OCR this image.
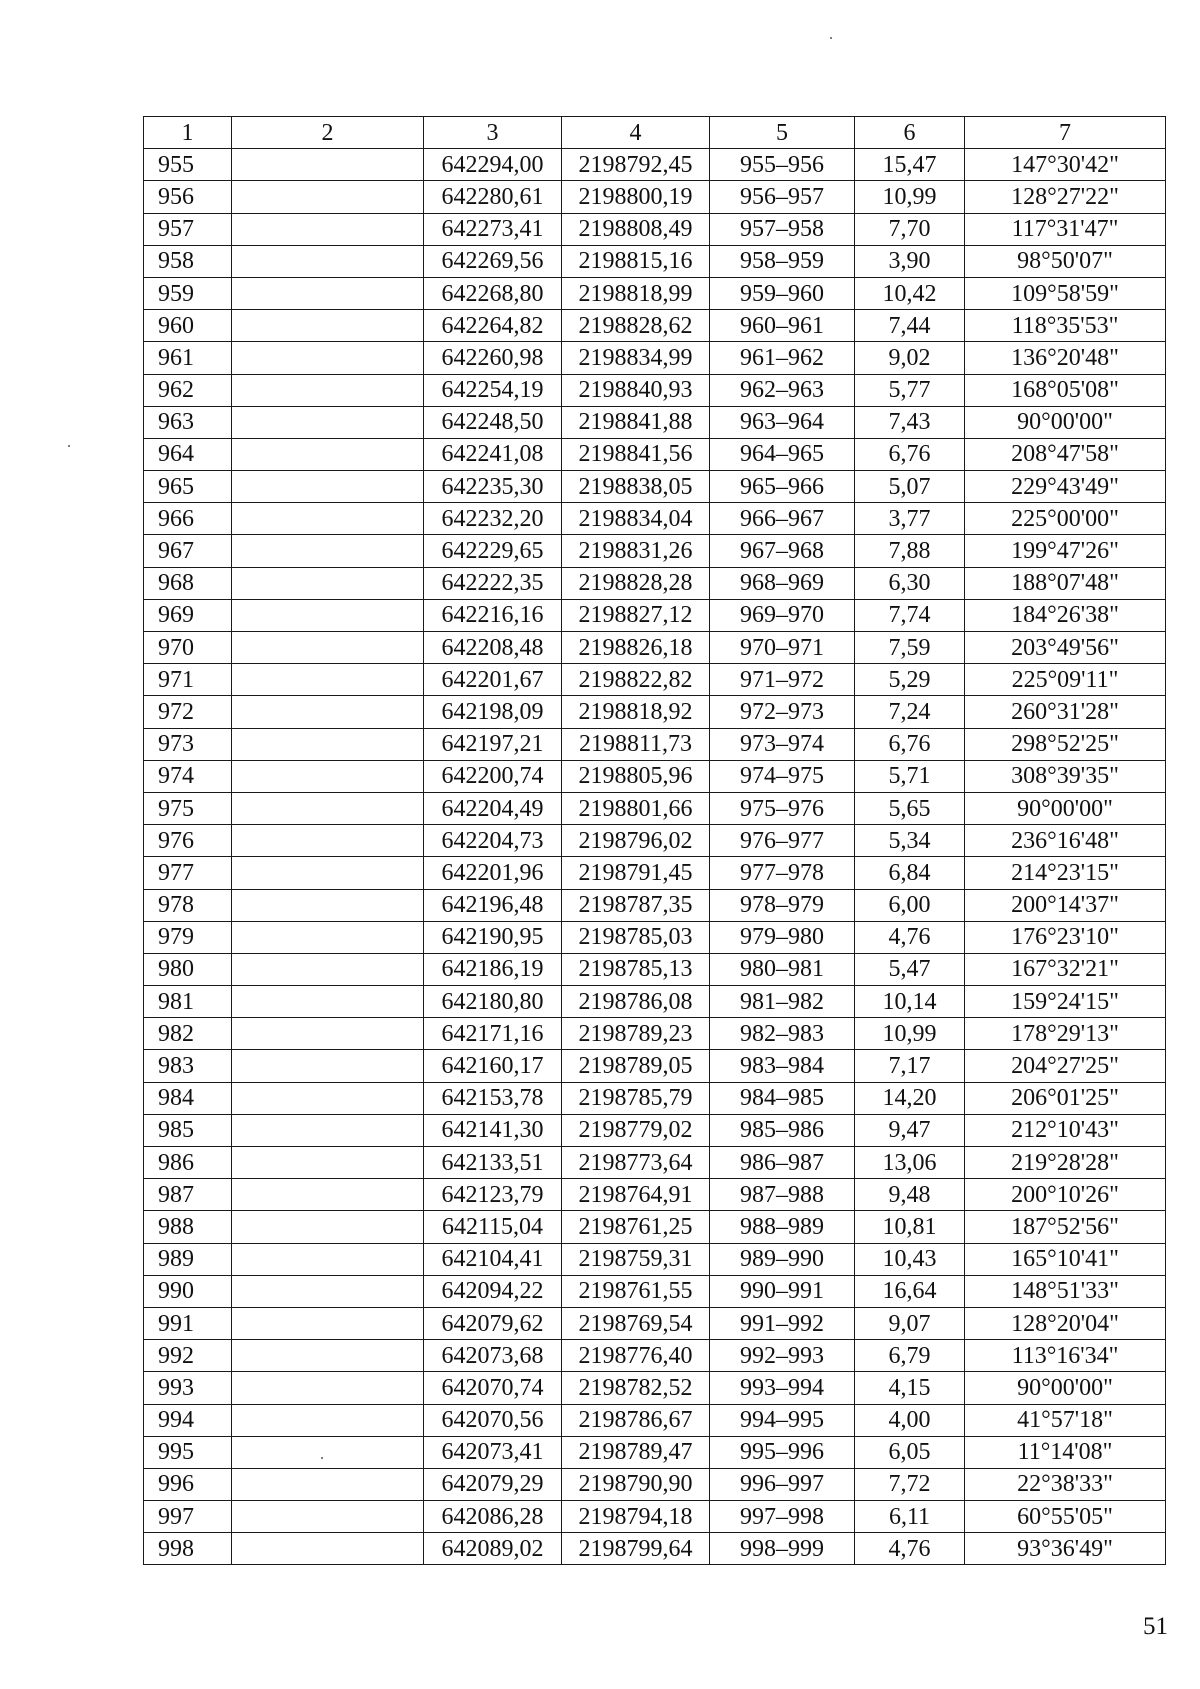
1	2	3	4	5	6	7
955		642294,00	2198792,45	955–956	15,47	147°30'42"
956		642280,61	2198800,19	956–957	10,99	128°27'22"
957		642273,41	2198808,49	957–958	7,70	117°31'47"
958		642269,56	2198815,16	958–959	3,90	98°50'07"
959		642268,80	2198818,99	959–960	10,42	109°58'59"
960		642264,82	2198828,62	960–961	7,44	118°35'53"
961		642260,98	2198834,99	961–962	9,02	136°20'48"
962		642254,19	2198840,93	962–963	5,77	168°05'08"
963		642248,50	2198841,88	963–964	7,43	90°00'00"
964		642241,08	2198841,56	964–965	6,76	208°47'58"
965		642235,30	2198838,05	965–966	5,07	229°43'49"
966		642232,20	2198834,04	966–967	3,77	225°00'00"
967		642229,65	2198831,26	967–968	7,88	199°47'26"
968		642222,35	2198828,28	968–969	6,30	188°07'48"
969		642216,16	2198827,12	969–970	7,74	184°26'38"
970		642208,48	2198826,18	970–971	7,59	203°49'56"
971		642201,67	2198822,82	971–972	5,29	225°09'11"
972		642198,09	2198818,92	972–973	7,24	260°31'28"
973		642197,21	2198811,73	973–974	6,76	298°52'25"
974		642200,74	2198805,96	974–975	5,71	308°39'35"
975		642204,49	2198801,66	975–976	5,65	90°00'00"
976		642204,73	2198796,02	976–977	5,34	236°16'48"
977		642201,96	2198791,45	977–978	6,84	214°23'15"
978		642196,48	2198787,35	978–979	6,00	200°14'37"
979		642190,95	2198785,03	979–980	4,76	176°23'10"
980		642186,19	2198785,13	980–981	5,47	167°32'21"
981		642180,80	2198786,08	981–982	10,14	159°24'15"
982		642171,16	2198789,23	982–983	10,99	178°29'13"
983		642160,17	2198789,05	983–984	7,17	204°27'25"
984		642153,78	2198785,79	984–985	14,20	206°01'25"
985		642141,30	2198779,02	985–986	9,47	212°10'43"
986		642133,51	2198773,64	986–987	13,06	219°28'28"
987		642123,79	2198764,91	987–988	9,48	200°10'26"
988		642115,04	2198761,25	988–989	10,81	187°52'56"
989		642104,41	2198759,31	989–990	10,43	165°10'41"
990		642094,22	2198761,55	990–991	16,64	148°51'33"
991		642079,62	2198769,54	991–992	9,07	128°20'04"
992		642073,68	2198776,40	992–993	6,79	113°16'34"
993		642070,74	2198782,52	993–994	4,15	90°00'00"
994		642070,56	2198786,67	994–995	4,00	41°57'18"
995		642073,41	2198789,47	995–996	6,05	11°14'08"
996		642079,29	2198790,90	996–997	7,72	22°38'33"
997		642086,28	2198794,18	997–998	6,11	60°55'05"
998		642089,02	2198799,64	998–999	4,76	93°36'49"
51
